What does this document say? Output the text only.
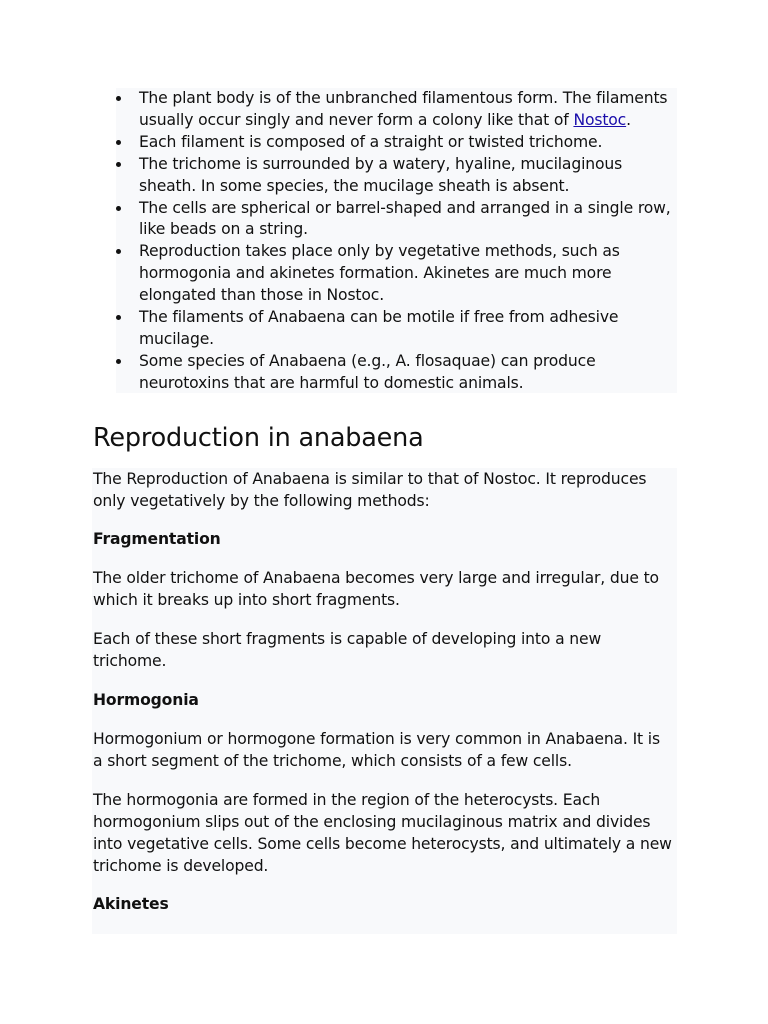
The plant body is of the unbranched filamentous form. The filaments
usually occur singly and never form a colony like that of Nostoc.
Each filament is composed of a straight or twisted trichome.
The trichome is surrounded by a watery, hyaline, mucilaginous
sheath. In some species, the mucilage sheath is absent.
The cells are spherical or barrel-shaped and arranged in a single row,
like beads on a string.
Reproduction takes place only by vegetative methods, such as
hormogonia and akinetes formation. Akinetes are much more
elongated than those in Nostoc.
The filaments of Anabaena can be motile if free from adhesive
mucilage.
Some species of Anabaena (e.g., A. flosaquae) can produce
neurotoxins that are harmful to domestic animals.
Reproduction in anabaena

The Reproduction of Anabaena is similar to that of Nostoc. It reproduces
only vegetatively by the following methods:

Fragmentation

The older trichome of Anabaena becomes very large and irregular, due to
which it breaks up into short fragments.

Each of these short fragments is capable of developing into a new
trichome.

Hormogonia

Hormogonium or hormogone formation is very common in Anabaena. It is
a short segment of the trichome, which consists of a few cells.

The hormogonia are formed in the region of the heterocysts. Each
hormogonium slips out of the enclosing mucilaginous matrix and divides
into vegetative cells. Some cells become heterocysts, and ultimately a new
trichome is developed.

Akinetes
